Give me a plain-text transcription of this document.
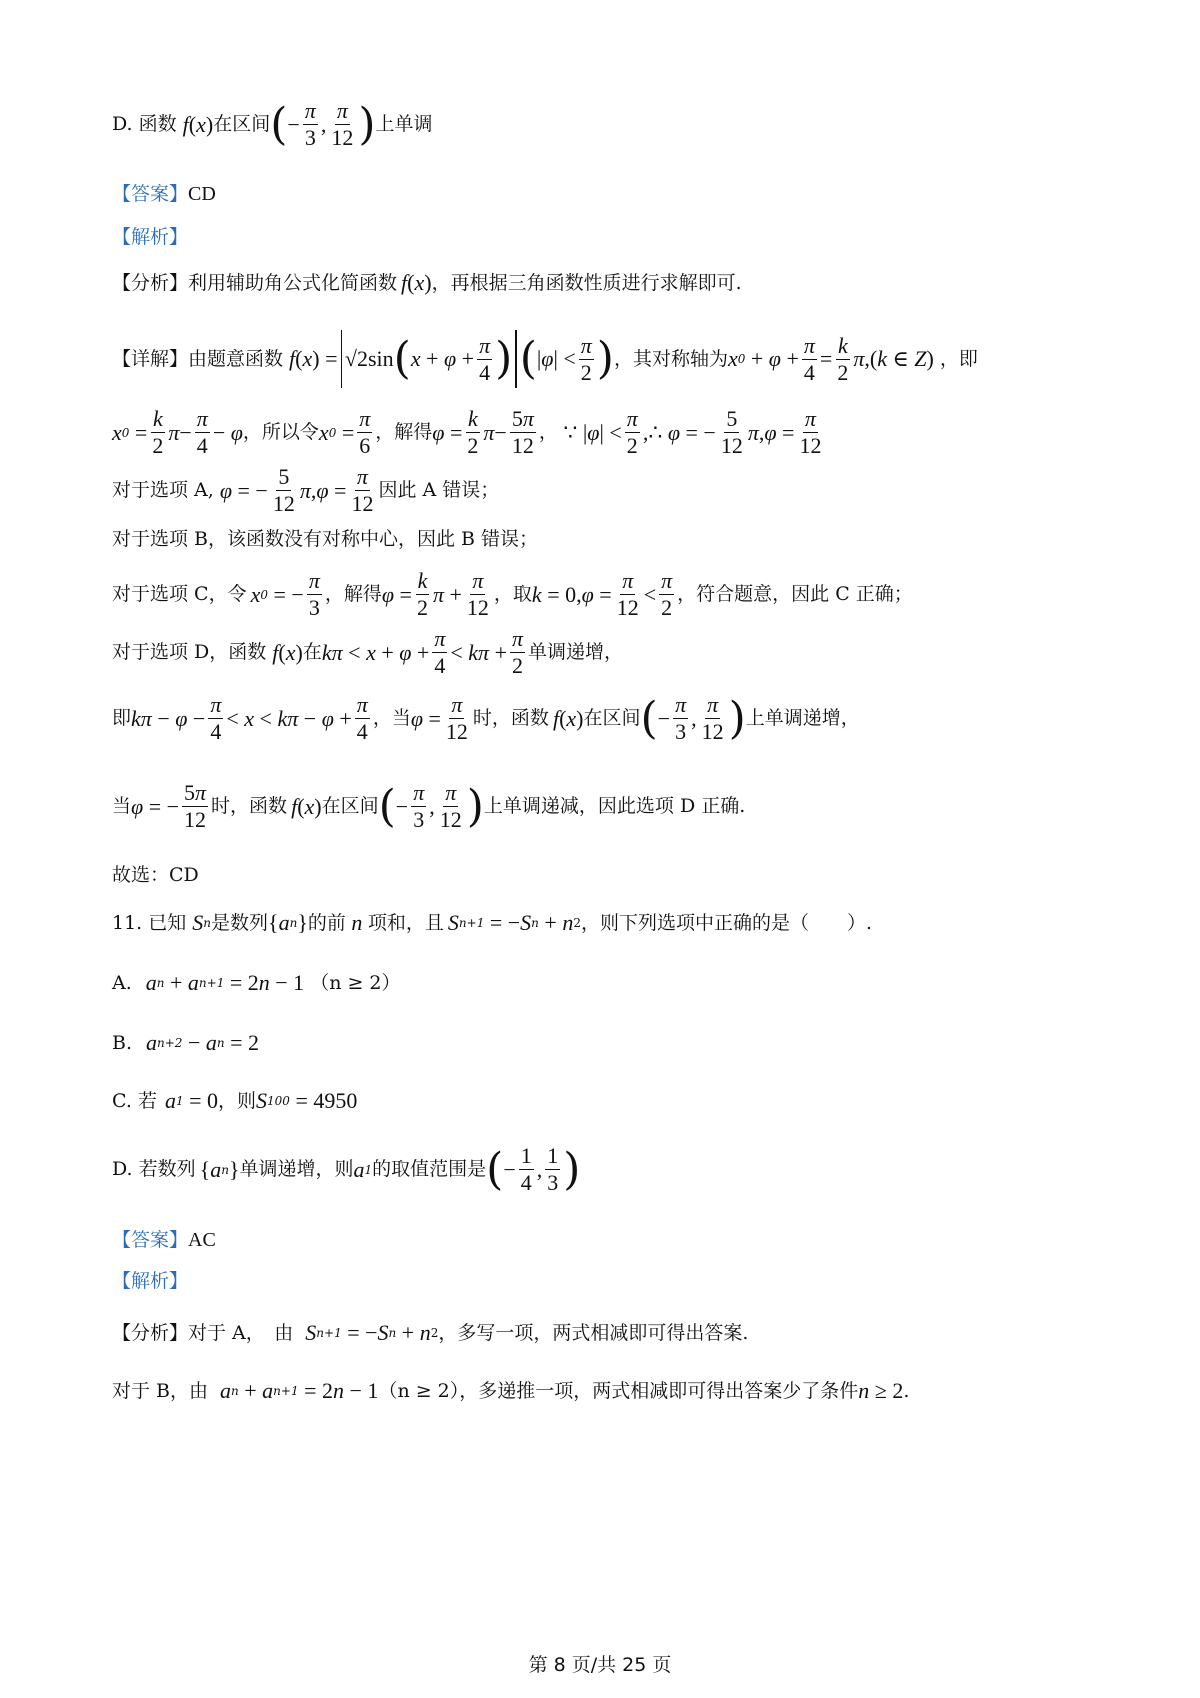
D. 函数 f ( x ) 在区间 ( − $\frac{\pi}{3}$ , $\frac{\pi}{12}$ ) 上单调
【答案】 CD
【解析】
【分析】 利用辅助角公式化简函数 f ( x ) ，再根据三角函数性质进行求解即可.
【详解】 由题意函数 f ( x ) = √2sin ( $x + \varphi + \frac{\pi}{4}$ ) ( | φ | < $\frac{\pi}{2}$ ) ，其对称轴为 x $0 + \varphi + \frac{\pi}{4} = \frac{k}{2}$ π ,( k ∈ Z ) ，即
x $0 = \frac{k}{2}$ $\pi - \frac{\pi}{4} - \varphi$ ，所以令 x $0 = \frac{\pi}{6}$ ，解得 $\varphi = \frac{k}{2}$ $\pi - \frac{5\pi}{12}$ ， ∵ | φ | < $\frac{\pi}{2}$ ,∴ φ = − $\frac{5}{12}$ π , $\varphi = \frac{\pi}{12}$
对于选项 A, φ = − $\frac{5}{12}$ π , $\varphi = \frac{\pi}{12}$ 因此 A 错误；
对于选项 B，该函数没有对称中心，因此 B 错误；
对于选项 C，令 x 0 = − $\frac{\pi}{3}$ ，解得 $\varphi = \frac{k}{2}$ $\pi + \frac{\pi}{12}$ ，取 k = 0, $\varphi = \frac{\pi}{12} < \frac{\pi}{2}$ ，符合题意，因此 C 正确；
对于选项 D，函数 f ( x ) 在 $k\pi < x + \varphi + \frac{\pi}{4} < k\pi + \frac{\pi}{2}$ 单调递增，
即 $k\pi - \varphi - \frac{\pi}{4} < x < k\pi - \varphi + \frac{\pi}{4}$ ，当 $\varphi = \frac{\pi}{12}$ 时，函数 f ( x ) 在区间 ( − $\frac{\pi}{3}$ , $\frac{\pi}{12}$ ) 上单调递增，
当 φ = − $\frac{5\pi}{12}$ 时，函数 f ( x ) 在区间 ( − $\frac{\pi}{3}$ , $\frac{\pi}{12}$ ) 上单调递减，因此选项 D 正确.
故选：CD
11. 已知 S n 是数列 { a n } 的前 n 项和，且 S n+1 = − S n + n 2 ，则下列选项中正确的是（　　）.
A. a n + a n+1 = 2 n − 1 （n ≥ 2）
B. a n+2 − a n = 2
C. 若 a 1 = 0 ，则 S 100 = 4950
D. 若数列 { a n } 单调递增，则 a 1 的取值范围是 ( − $\frac{1}{4}$ , $\frac{1}{3}$ )
【答案】 AC
【解析】
【分析】 对于 A，　由 S n+1 = − S n + n 2 ，多写一项，两式相减即可得出答案.
对于 B，由 a n + a n+1 = 2 n − 1 （n ≥ 2），多递推一项，两式相减即可得出答案少了条件 n ≥ 2 .
第 8 页/共 25 页
